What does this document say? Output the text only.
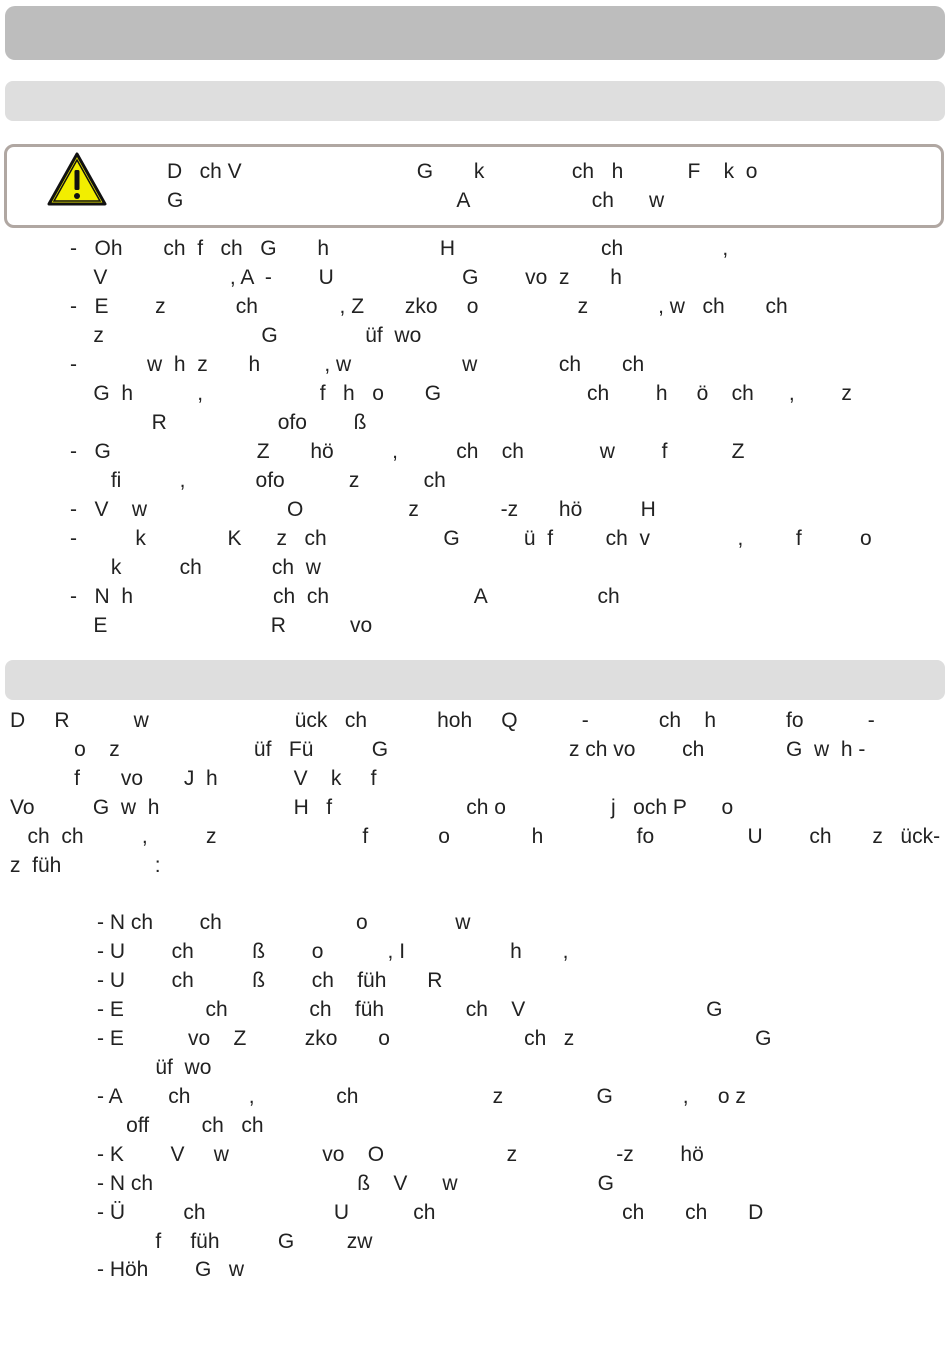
D   ch V                              G       k               ch   h           F    k  o
G                                               A                     ch      w
-   Oh       ch  f   ch   G       h                   H                         ch                 ,
V                     , A  -        U                      G        vo  z       h
-   E        z            ch              , Z       zko     o                 z            , w   ch       ch
z                           G               üf  wo
-            w  h  z       h           , w                   w              ch       ch
G  h           ,                    f   h   o       G                         ch        h     ö    ch      ,        z
R                   ofo        ß
-   G                         Z       hö          ,          ch    ch             w        f           Z
fi          ,            ofo           z           ch
-   V    w                        O                  z              -z       hö          H
-          k              K      z   ch                    G           ü  f         ch  v               ,         f          o
k          ch            ch  w
-   N  h                        ch  ch                         A                   ch
E                            R           vo
D     R           w                         ück   ch            hoh     Q           -            ch    h            fo           -
o    z                       üf   Fü          G                               z ch vo        ch              G  w  h -
f       vo       J  h             V    k     f
Vo          G  w  h                       H   f                       ch o                  j   och P      o
ch  ch          ,          z                         f            o              h                fo                U        ch       z   ück-
z  füh                :
- N ch        ch                       o               w
- U        ch          ß        o           , I                  h       ,
- U        ch          ß        ch    füh       R
- E              ch              ch    füh              ch    V                               G
- E           vo    Z          zko       o                       ch   z                               G
üf  wo
- A        ch          ,              ch                       z                G            ,     o z
off         ch   ch
- K        V     w                vo    O                     z                 -z        hö
- N ch                                   ß    V      w                        G
- Ü          ch                      U           ch                                ch       ch       D
f     füh          G         zw
- Höh        G   w
